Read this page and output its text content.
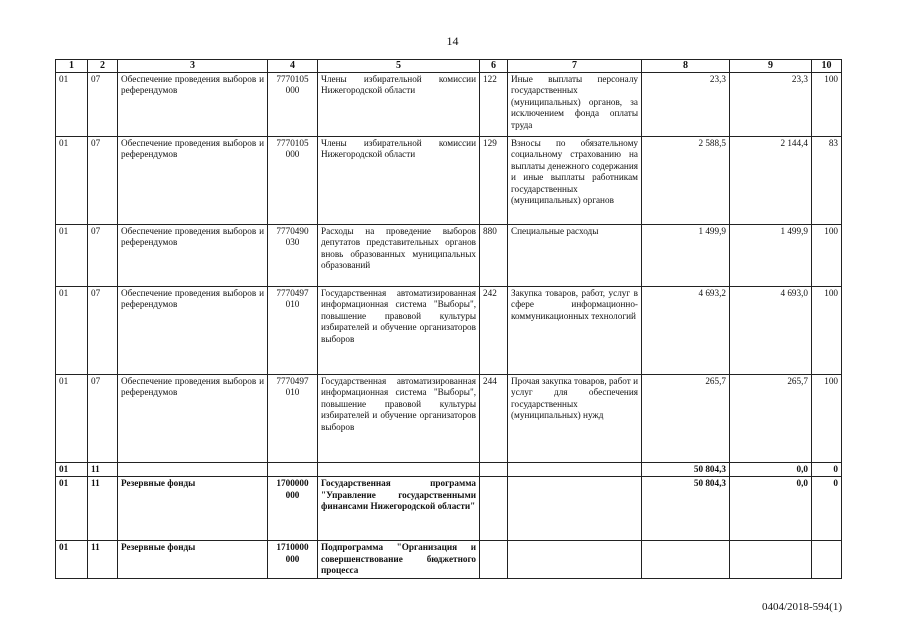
14
1	2	3	4	5	6	7	8	9	10
01	07	Обеспечение проведения выборов и референдумов	7770105 000	Члены избирательной комиссии Нижегородской области	122	Иные выплаты персоналу государственных (муниципальных) органов, за исключением фонда оплаты труда	23,3	23,3	100
01	07	Обеспечение проведения выборов и референдумов	7770105 000	Члены избирательной комиссии Нижегородской области	129	Взносы по обязательному социальному страхованию на выплаты денежного содержания и иные выплаты работникам государственных (муниципальных) органов	2 588,5	2 144,4	83
01	07	Обеспечение проведения выборов и референдумов	7770490 030	Расходы на проведение выборов депутатов представительных органов вновь образованных муниципальных образований	880	Специальные расходы	1 499,9	1 499,9	100
01	07	Обеспечение проведения выборов и референдумов	7770497 010	Государственная автоматизированная информационная система "Выборы", повышение правовой культуры избирателей и обучение организаторов выборов	242	Закупка товаров, работ, услуг в сфере информационно-коммуникационных технологий	4 693,2	4 693,0	100
01	07	Обеспечение проведения выборов и референдумов	7770497 010	Государственная автоматизированная информационная система "Выборы", повышение правовой культуры избирателей и обучение организаторов выборов	244	Прочая закупка товаров, работ и услуг для обеспечения государственных (муниципальных) нужд	265,7	265,7	100
01	11						50 804,3	0,0	0
01	11	Резервные фонды	1700000 000	Государственная программа "Управление государственными финансами Нижегородской области"			50 804,3	0,0	0
01	11	Резервные фонды	1710000 000	Подпрограмма "Организация и совершенствование бюджетного процесса					
0404/2018-594(1)
